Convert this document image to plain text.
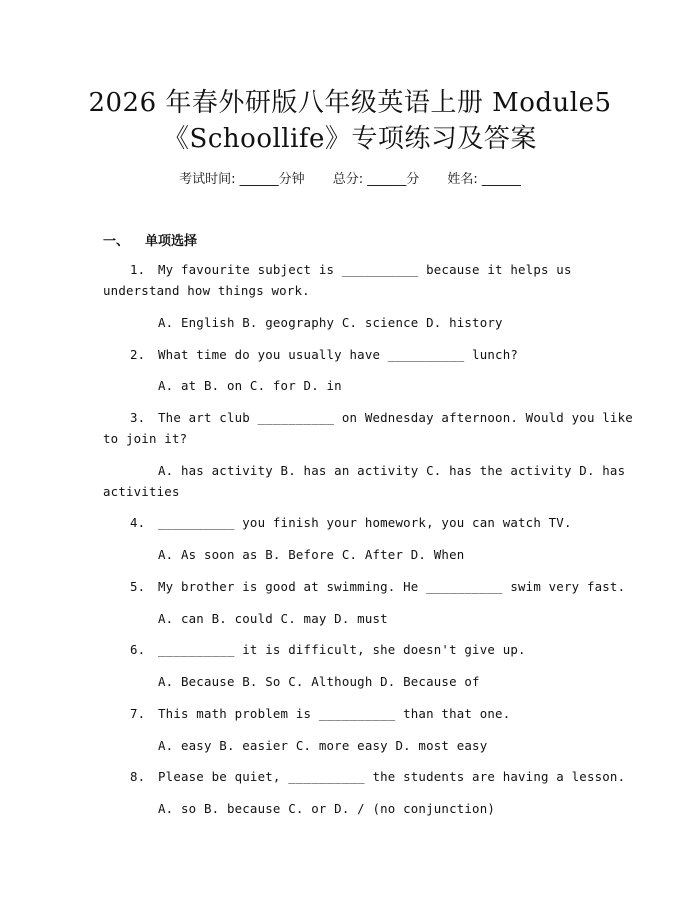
2026 年春外研版八年级英语上册 Module5
《Schoollife》专项练习及答案
考试时间: ______分钟 总分: ______分 姓名: ______
一、 单项选择
1. My favourite subject is __________ because it helps us
understand how things work.
A. English B. geography C. science D. history
2. What time do you usually have __________ lunch?
A. at B. on C. for D. in
3. The art club __________ on Wednesday afternoon. Would you like
to join it?
A. has activity B. has an activity C. has the activity D. has
activities
4. __________ you finish your homework, you can watch TV.
A. As soon as B. Before C. After D. When
5. My brother is good at swimming. He __________ swim very fast.
A. can B. could C. may D. must
6. __________ it is difficult, she doesn't give up.
A. Because B. So C. Although D. Because of
7. This math problem is __________ than that one.
A. easy B. easier C. more easy D. most easy
8. Please be quiet, __________ the students are having a lesson.
A. so B. because C. or D. / (no conjunction)
